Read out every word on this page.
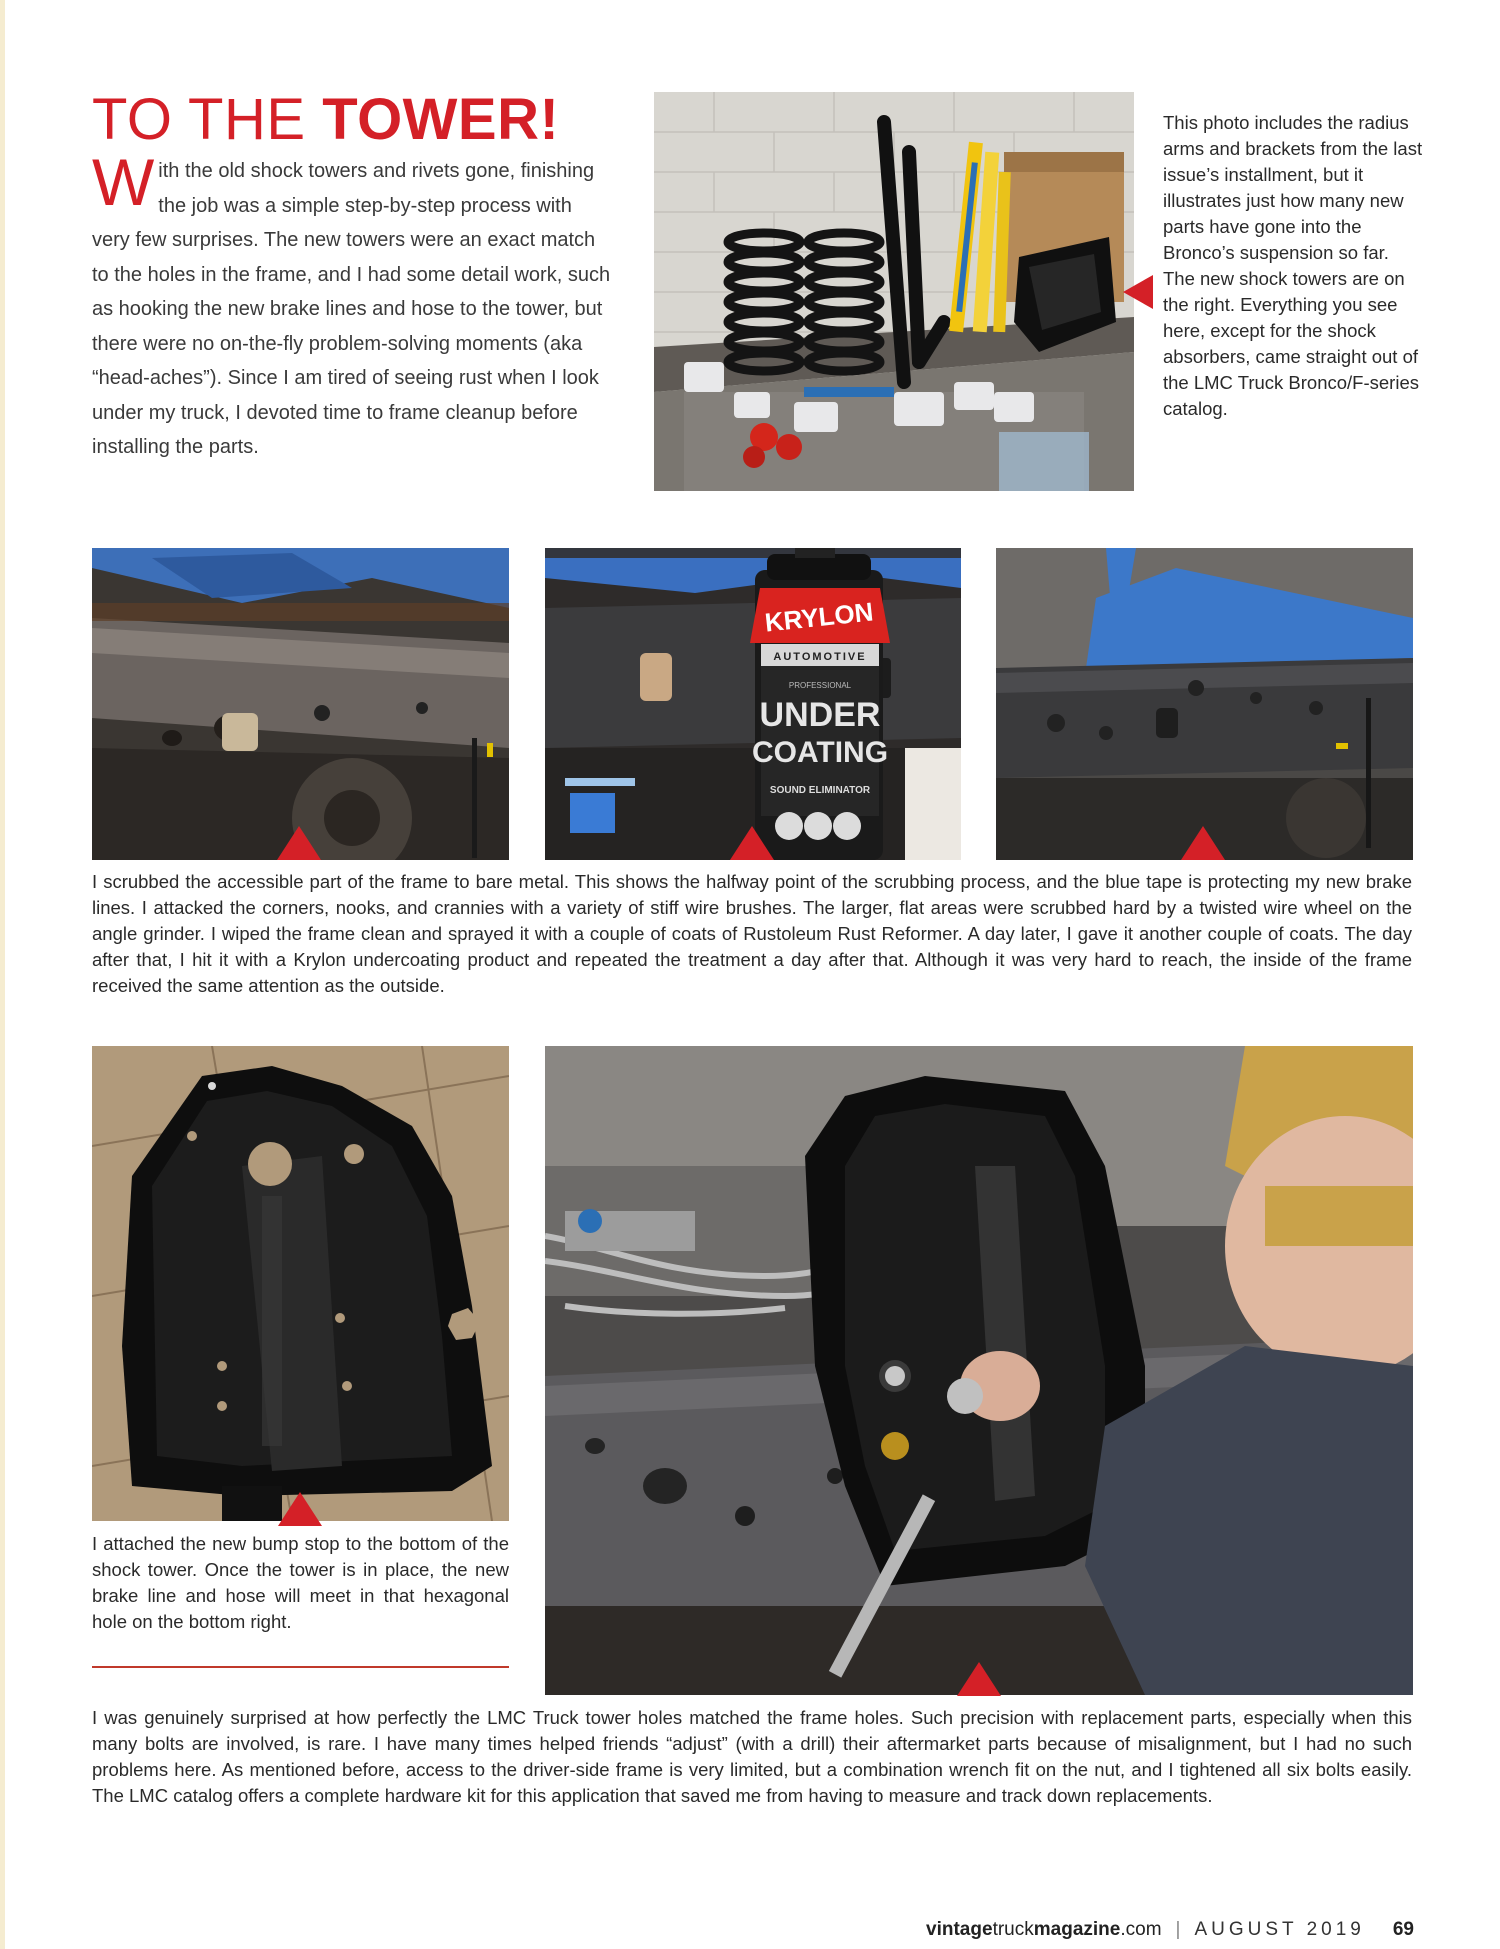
TO THE TOWER!
With the old shock towers and rivets gone, finishing the job was a simple step-by-step process with very few surprises. The new towers were an exact match to the holes in the frame, and I had some detail work, such as hooking the new brake lines and hose to the tower, but there were no on-the-fly problem-solving moments (aka “head-aches”). Since I am tired of seeing rust when I look under my truck, I devoted time to frame cleanup before installing the parts.
This photo includes the radius arms and brackets from the last issue’s installment, but it illustrates just how many new parts have gone into the Bronco’s suspension so far. The new shock towers are on the right. Everything you see here, except for the shock absorbers, came straight out of the LMC Truck Bronco/F-series catalog.
KRYLON
AUTOMOTIVE
PROFESSIONAL
UNDER
COATING
SOUND ELIMINATOR
I scrubbed the accessible part of the frame to bare metal. This shows the halfway point of the scrubbing process, and the blue tape is protecting my new brake lines. I attacked the corners, nooks, and crannies with a variety of stiff wire brushes. The larger, flat areas were scrubbed hard by a twisted wire wheel on the angle grinder. I wiped the frame clean and sprayed it with a couple of coats of Rustoleum Rust Reformer. A day later, I gave it another couple of coats. The day after that, I hit it with a Krylon undercoating product and repeated the treatment a day after that. Although it was very hard to reach, the inside of the frame received the same attention as the outside.
I attached the new bump stop to the bottom of the shock tower. Once the tower is in place, the new brake line and hose will meet in that hexagonal hole on the bottom right.
I was genuinely surprised at how perfectly the LMC Truck tower holes matched the frame holes. Such precision with replacement parts, especially when this many bolts are involved, is rare. I have many times helped friends “adjust” (with a drill) their aftermarket parts because of misalignment, but I had no such problems here. As mentioned before, access to the driver-side frame is very limited, but a combination wrench fit on the nut, and I tightened all six bolts easily. The LMC catalog offers a complete hardware kit for this application that saved me from having to measure and track down replacements.
vintagetruckmagazine.com | AUGUST 2019 69
